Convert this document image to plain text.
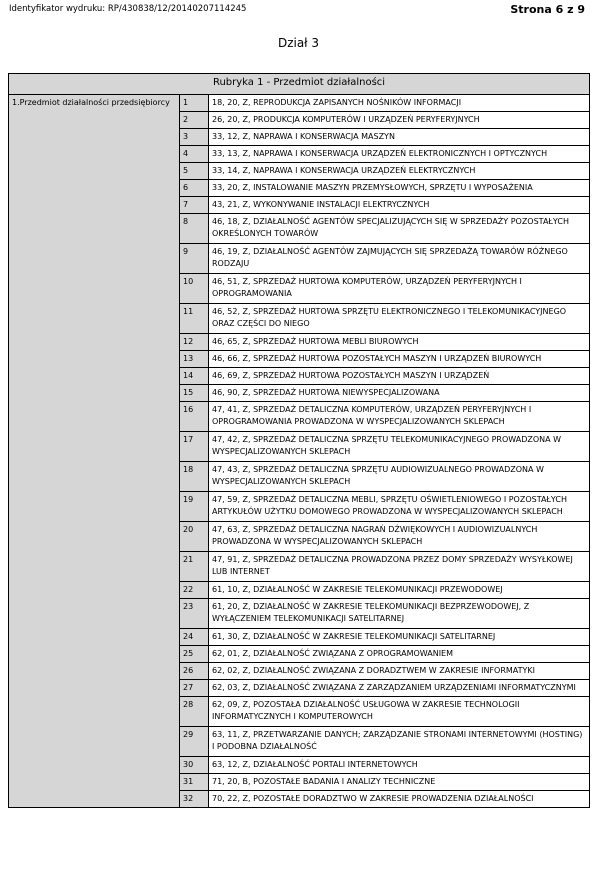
Identyfikator wydruku: RP/430838/12/20140207114245	Strona 6 z 9
Dział 3
Rubryka 1 - Przedmiot działalności		
1.Przedmiot działalności przedsiębiorcy	1	18, 20, Z, REPRODUKCJA ZAPISANYCH NOŚNIKÓW INFORMACJI
	2	26, 20, Z, PRODUKCJA KOMPUTERÓW I URZĄDZEŃ PERYFERYJNYCH
	3	33, 12, Z, NAPRAWA I KONSERWACJA MASZYN
	4	33, 13, Z, NAPRAWA I KONSERWACJA URZĄDZEŃ ELEKTRONICZNYCH I OPTYCZNYCH
	5	33, 14, Z, NAPRAWA I KONSERWACJA URZĄDZEŃ ELEKTRYCZNYCH
	6	33, 20, Z, INSTALOWANIE MASZYN PRZEMYSŁOWYCH, SPRZĘTU I WYPOSAŻENIA
	7	43, 21, Z, WYKONYWANIE INSTALACJI ELEKTRYCZNYCH
	8	46, 18, Z, DZIAŁALNOŚĆ AGENTÓW SPECJALIZUJĄCYCH SIĘ W SPRZEDAŻY POZOSTAŁYCH OKREŚLONYCH TOWARÓW
	9	46, 19, Z, DZIAŁALNOŚĆ AGENTÓW ZAJMUJĄCYCH SIĘ SPRZEDAŻĄ TOWARÓW RÓŻNEGO RODZAJU
	10	46, 51, Z, SPRZEDAŻ HURTOWA KOMPUTERÓW, URZĄDZEŃ PERYFERYJNYCH I OPROGRAMOWANIA
	11	46, 52, Z, SPRZEDAŻ HURTOWA SPRZĘTU ELEKTRONICZNEGO I TELEKOMUNIKACYJNEGO ORAZ CZĘŚCI DO NIEGO
	12	46, 65, Z, SPRZEDAŻ HURTOWA MEBLI BIUROWYCH
	13	46, 66, Z, SPRZEDAŻ HURTOWA POZOSTAŁYCH MASZYN I URZĄDZEŃ BIUROWYCH
	14	46, 69, Z, SPRZEDAŻ HURTOWA POZOSTAŁYCH MASZYN I URZĄDZEŃ
	15	46, 90, Z, SPRZEDAŻ HURTOWA NIEWYSPECJALIZOWANA
	16	47, 41, Z, SPRZEDAŻ DETALICZNA KOMPUTERÓW, URZĄDZEŃ PERYFERYJNYCH I OPROGRAMOWANIA PROWADZONA W WYSPECJALIZOWANYCH SKLEPACH
	17	47, 42, Z, SPRZEDAŻ DETALICZNA SPRZĘTU TELEKOMUNIKACYJNEGO PROWADZONA W WYSPECJALIZOWANYCH SKLEPACH
	18	47, 43, Z, SPRZEDAŻ DETALICZNA SPRZĘTU AUDIOWIZUALNEGO PROWADZONA W WYSPECJALIZOWANYCH SKLEPACH
	19	47, 59, Z, SPRZEDAŻ DETALICZNA MEBLI, SPRZĘTU OŚWIETLENIOWEGO I POZOSTAŁYCH ARTYKUŁÓW UŻYTKU DOMOWEGO PROWADZONA W WYSPECJALIZOWANYCH SKLEPACH
	20	47, 63, Z, SPRZEDAŻ DETALICZNA NAGRAŃ DŹWIĘKOWYCH I AUDIOWIZUALNYCH PROWADZONA W WYSPECJALIZOWANYCH SKLEPACH
	21	47, 91, Z, SPRZEDAŻ DETALICZNA PROWADZONA PRZEZ DOMY SPRZEDAŻY WYSYŁKOWEJ LUB INTERNET
	22	61, 10, Z, DZIAŁALNOŚĆ W ZAKRESIE TELEKOMUNIKACJI PRZEWODOWEJ
	23	61, 20, Z, DZIAŁALNOŚĆ W ZAKRESIE TELEKOMUNIKACJI BEZPRZEWODOWEJ, Z WYŁĄCZENIEM TELEKOMUNIKACJI SATELITARNEJ
	24	61, 30, Z, DZIAŁALNOŚĆ W ZAKRESIE TELEKOMUNIKACJI SATELITARNEJ
	25	62, 01, Z, DZIAŁALNOŚĆ ZWIĄZANA Z OPROGRAMOWANIEM
	26	62, 02, Z, DZIAŁALNOŚĆ ZWIĄZANA Z DORADZTWEM W ZAKRESIE INFORMATYKI
	27	62, 03, Z, DZIAŁALNOŚĆ ZWIĄZANA Z ZARZĄDZANIEM URZĄDZENIAMI INFORMATYCZNYMI
	28	62, 09, Z, POZOSTAŁA DZIAŁALNOŚĆ USŁUGOWA W ZAKRESIE TECHNOLOGII INFORMATYCZNYCH I KOMPUTEROWYCH
	29	63, 11, Z, PRZETWARZANIE DANYCH; ZARZĄDZANIE STRONAMI INTERNETOWYMI (HOSTING) I PODOBNA DZIAŁALNOŚĆ
	30	63, 12, Z, DZIAŁALNOŚĆ PORTALI INTERNETOWYCH
	31	71, 20, B, POZOSTAŁE BADANIA I ANALIZY TECHNICZNE
	32	70, 22, Z, POZOSTAŁE DORADZTWO W ZAKRESIE PROWADZENIA DZIAŁALNOŚCI
